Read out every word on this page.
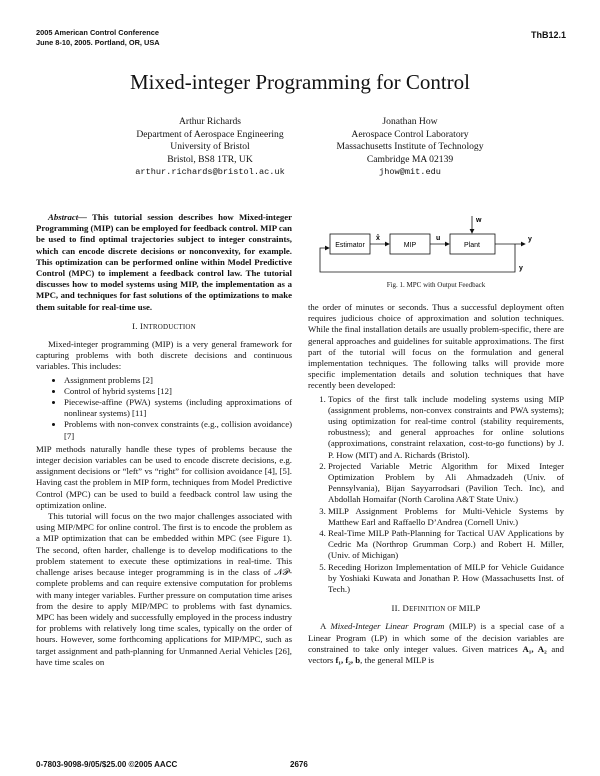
2005 American Control Conference
June 8-10, 2005. Portland, OR, USA
ThB12.1
Mixed-integer Programming for Control
Arthur Richards
Department of Aerospace Engineering
University of Bristol
Bristol, BS8 1TR, UK
arthur.richards@bristol.ac.uk
Jonathan How
Aerospace Control Laboratory
Massachusetts Institute of Technology
Cambridge MA 02139
jhow@mit.edu

Abstract— This tutorial session describes how Mixed-integer Programming (MIP) can be employed for feedback control. MIP can be used to find optimal trajectories subject to integer constraints, which can encode discrete decisions or nonconvexity, for example. This optimization can be performed online within Model Predictive Control (MPC) to implement a feedback control law. The tutorial discusses how to model systems using MIP, the implementation as a MPC, and techniques for fast solutions of the optimizations to make them suitable for real-time use.

I. INTRODUCTION

Mixed-integer programming (MIP) is a very general framework for capturing problems with both discrete decisions and continuous variables. This includes:

• Assignment problems [2]
• Control of hybrid systems [12]
• Piecewise-affine (PWA) systems (including approximations of nonlinear systems) [11]
• Problems with non-convex constraints (e.g., collision avoidance) [7]

MIP methods naturally handle these types of problems because the integer decision variables can be used to encode discrete decisions, e.g. assignment decisions or “left” vs “right” for collision avoidance [4], [5]. Having cast the problem in MIP form, techniques from Model Predictive Control (MPC) can be used to build a feedback control law using the optimization online.

This tutorial will focus on the two major challenges associated with using MIP/MPC for online control. The first is to encode the problem as a MIP optimization that can be embedded within MPC (see Figure 1). The second, often harder, challenge is to develop modifications to the problem statement to execute these optimizations in real-time. This challenge arises because integer programming is in the class of 𝒩𝒫-complete problems and can require extensive computation for problems with many integer variables. Further pressure on computation time arises from the desire to apply MIP/MPC to problems with fast dynamics. MPC has been widely and successfully employed in the process industry for problems with relatively long time scales, typically on the order of hours. However, some forthcoming applications for MIP/MPC, such as target assignment and path-planning for Unmanned Aerial Vehicles [26], have time scales on

Estimator	MIP	Plant
w
x̂	u	y
y
Fig. 1. MPC with Output Feedback

the order of minutes or seconds. Thus a successful deployment often requires judicious choice of approximation and solution techniques. While the final installation details are usually problem-specific, there are general approaches and guidelines for suitable approximations. The first part of the tutorial will focus on the formulation and general implementation techniques. The following talks will provide more specific implementation details and solution techniques that have recently been developed:

1. Topics of the first talk include modeling systems using MIP (assignment problems, non-convex constraints and PWA systems); using optimization for real-time control (stability requirements, robustness); and general approaches for online solutions (approximations, constraint relaxation, cost-to-go functions) by J. P. How (MIT) and A. Richards (Bristol).
2. Projected Variable Metric Algorithm for Mixed Integer Optimization Problem by Ali Ahmadzadeh (Univ. of Pennsylvania), Bijan Sayyarrodsari (Pavilion Tech. Inc), and Abdollah Homaifar (North Carolina A&T State Univ.)
3. MILP Assignment Problems for Multi-Vehicle Systems by Matthew Earl and Raffaello D’Andrea (Cornell Univ.)
4. Real-Time MILP Path-Planning for Tactical UAV Applications by Cedric Ma (Northrop Grumman Corp.) and Robert H. Miller, (Univ. of Michigan)
5. Receding Horizon Implementation of MILP for Vehicle Guidance by Yoshiaki Kuwata and Jonathan P. How (Massachusetts Inst. of Tech.)
II. DEFINITION OF MILP

A Mixed-Integer Linear Program (MILP) is a special case of a Linear Program (LP) in which some of the decision variables are constrained to take only integer values. Given matrices A₁, A₂ and vectors f₁, f₂, b, the general MILP is

0-7803-9098-9/05/$25.00 ©2005 AACC	2676
